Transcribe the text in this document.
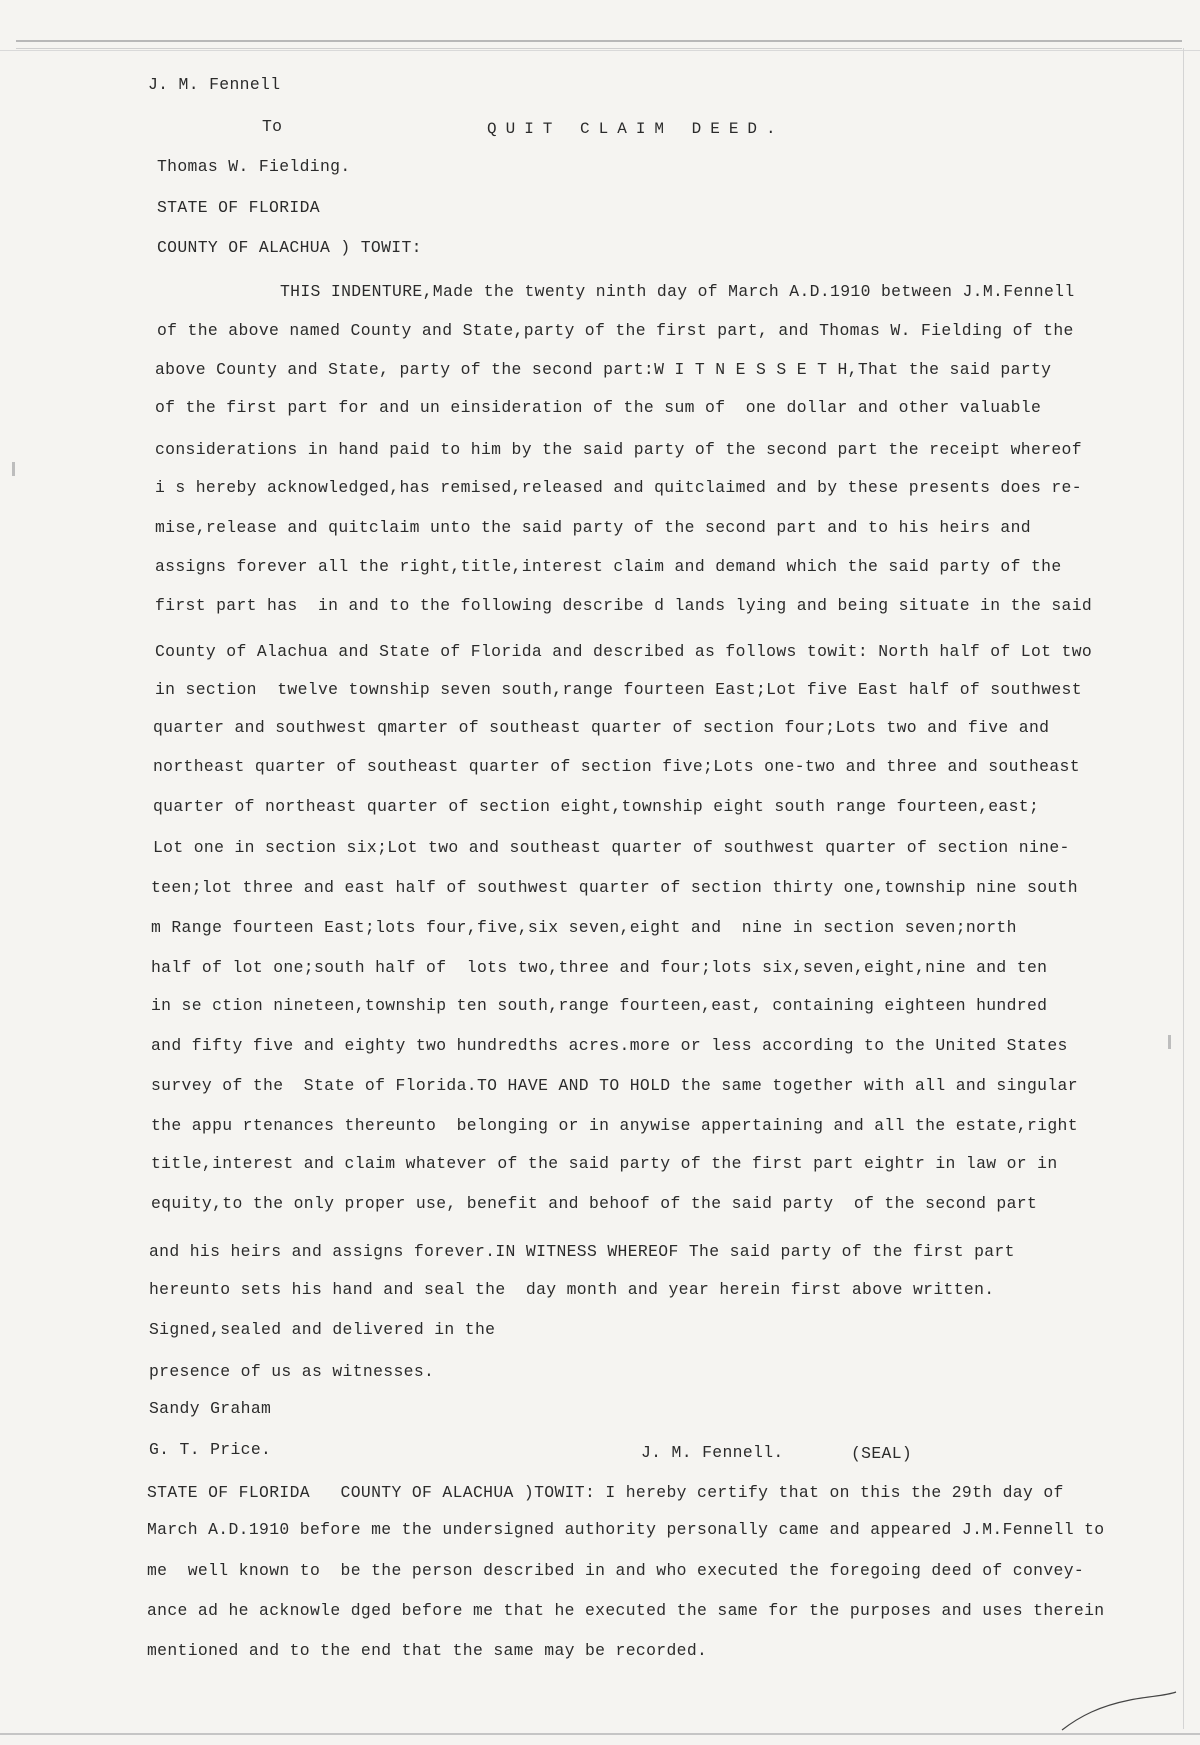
J. M. Fennell
To	QUIT CLAIM DEED.
Thomas W. Fielding.
STATE OF FLORIDA
COUNTY OF ALACHUA ) TOWIT:
THIS INDENTURE,Made the twenty ninth day of March A.D.1910 between J.M.Fennell
of the above named County and State,party of the first part, and Thomas W. Fielding of the
above County and State, party of the second part:W I T N E S S E T H,That the said party
of the first part for and un einsideration of the sum of  one dollar and other valuable
considerations in hand paid to him by the said party of the second part the receipt whereof
i s hereby acknowledged,has remised,released and quitclaimed and by these presents does re-
mise,release and quitclaim unto the said party of the second part and to his heirs and
assigns forever all the right,title,interest claim and demand which the said party of the
first part has  in and to the following describe d lands lying and being situate in the said
County of Alachua and State of Florida and described as follows towit: North half of Lot two
in section  twelve township seven south,range fourteen East;Lot five East half of southwest
quarter and southwest qmarter of southeast quarter of section four;Lots two and five and
northeast quarter of southeast quarter of section five;Lots one-two and three and southeast
quarter of northeast quarter of section eight,township eight south range fourteen,east;
Lot one in section six;Lot two and southeast quarter of southwest quarter of section nine-
teen;lot three and east half of southwest quarter of section thirty one,township nine south
m Range fourteen East;lots four,five,six seven,eight and  nine in section seven;north
half of lot one;south half of  lots two,three and four;lots six,seven,eight,nine and ten
in se ction nineteen,township ten south,range fourteen,east, containing eighteen hundred
and fifty five and eighty two hundredths acres.more or less according to the United States
survey of the  State of Florida.TO HAVE AND TO HOLD the same together with all and singular
the appu rtenances thereunto  belonging or in anywise appertaining and all the estate,right
title,interest and claim whatever of the said party of the first part eightr in law or in
equity,to the only proper use, benefit and behoof of the said party  of the second part
and his heirs and assigns forever.IN WITNESS WHEREOF The said party of the first part
hereunto sets his hand and seal the  day month and year herein first above written.
Signed,sealed and delivered in the
presence of us as witnesses.
Sandy Graham
G. T. Price.	J. M. Fennell.	(SEAL)
STATE OF FLORIDA   COUNTY OF ALACHUA )TOWIT: I hereby certify that on this the 29th day of
March A.D.1910 before me the undersigned authority personally came and appeared J.M.Fennell to
me  well known to  be the person described in and who executed the foregoing deed of convey-
ance ad he acknowle dged before me that he executed the same for the purposes and uses therein
mentioned and to the end that the same may be recorded.
